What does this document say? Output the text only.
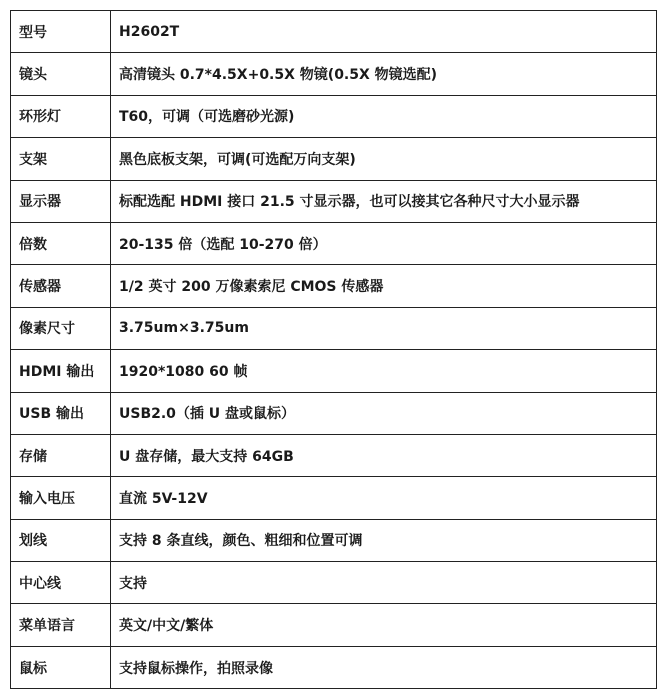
型号	H2602T
镜头	高清镜头 0.7*4.5X+0.5X 物镜(0.5X 物镜选配)
环形灯	T60，可调（可选磨砂光源)
支架	黑色底板支架，可调(可选配万向支架)
显示器	标配选配 HDMI 接口 21.5 寸显示器，也可以接其它各种尺寸大小显示器
倍数	20-135 倍（选配 10-270 倍）
传感器	1/2 英寸 200 万像素索尼 CMOS 传感器
像素尺寸	3.75um×3.75um
HDMI 输出	1920*1080 60 帧
USB 输出	USB2.0（插 U 盘或鼠标）
存储	U 盘存储，最大支持 64GB
输入电压	直流 5V-12V
划线	支持 8 条直线，颜色、粗细和位置可调
中心线	支持
菜单语言	英文/中文/繁体
鼠标	支持鼠标操作，拍照录像
